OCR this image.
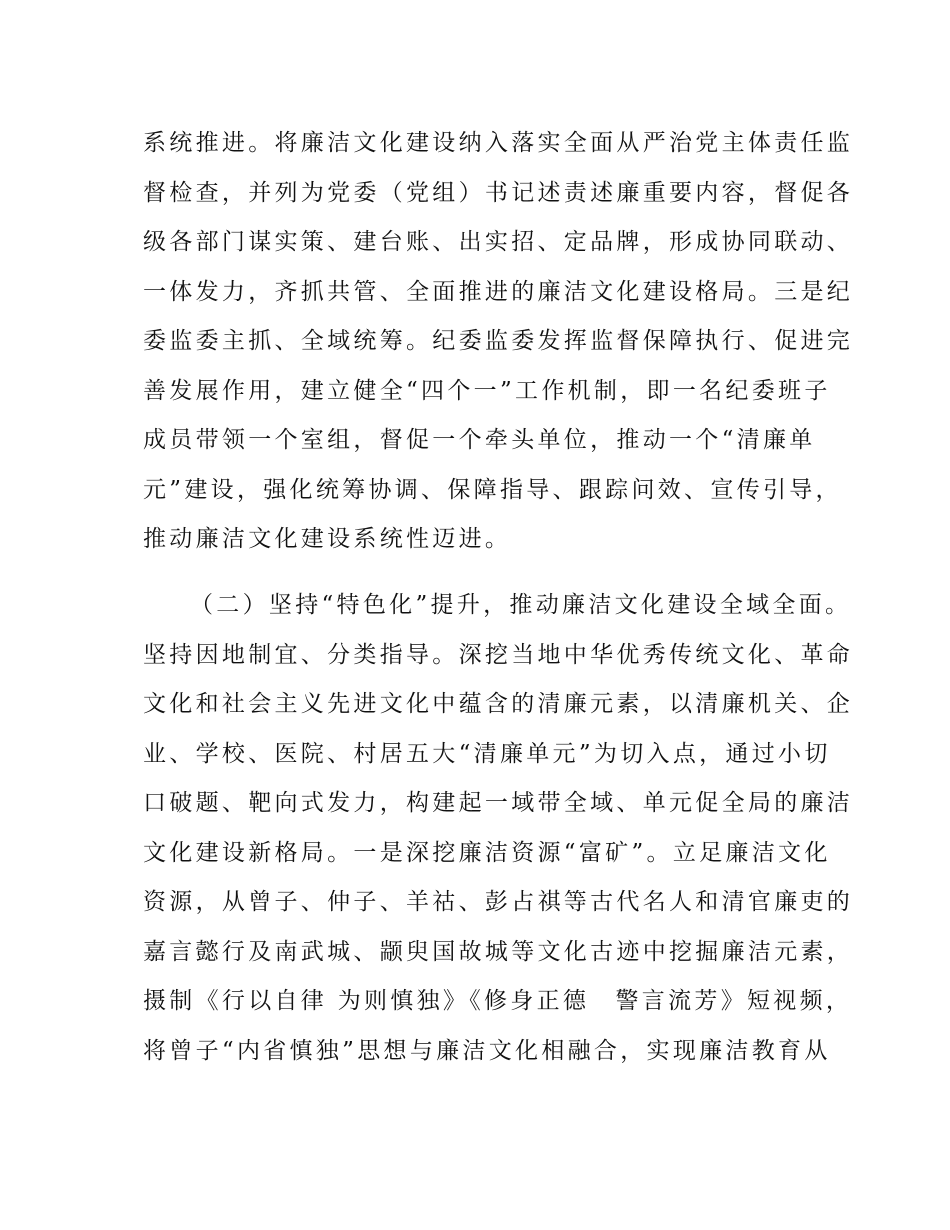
系统推进。将廉洁文化建设纳入落实全面从严治党主体责任监
督检查，并列为党委（党组）书记述责述廉重要内容，督促各
级各部门谋实策、建台账、出实招、定品牌，形成协同联动、
一体发力，齐抓共管、全面推进的廉洁文化建设格局。三是纪
委监委主抓、全域统筹。纪委监委发挥监督保障执行、促进完
善发展作用，建立健全“四个一”工作机制，即一名纪委班子
成员带领一个室组，督促一个牵头单位，推动一个“清廉单
元”建设，强化统筹协调、保障指导、跟踪问效、宣传引导，
推动廉洁文化建设系统性迈进。
（二）坚持“特色化”提升，推动廉洁文化建设全域全面。
坚持因地制宜、分类指导。深挖当地中华优秀传统文化、革命
文化和社会主义先进文化中蕴含的清廉元素，以清廉机关、企
业、学校、医院、村居五大“清廉单元”为切入点，通过小切
口破题、靶向式发力，构建起一域带全域、单元促全局的廉洁
文化建设新格局。一是深挖廉洁资源“富矿”。立足廉洁文化
资源，从曾子、仲子、羊祜、彭占祺等古代名人和清官廉吏的
嘉言懿行及南武城、颛臾国故城等文化古迹中挖掘廉洁元素，
摄制《行以自律 为则慎独》《修身正德　警言流芳》短视频，
将曾子“内省慎独”思想与廉洁文化相融合，实现廉洁教育从
